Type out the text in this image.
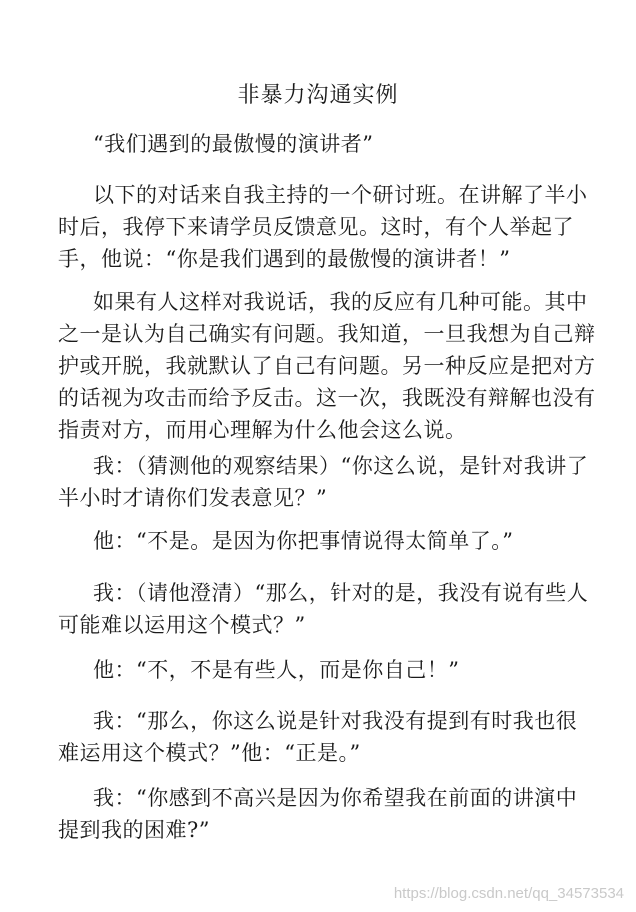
非暴力沟通实例

“我们遇到的最傲慢的演讲者”

以下的对话来自我主持的一个研讨班。在讲解了半小时后，我停下来请学员反馈意见。这时，有个人举起了手，他说：“你是我们遇到的最傲慢的演讲者！”

如果有人这样对我说话，我的反应有几种可能。其中之一是认为自己确实有问题。我知道，一旦我想为自己辩护或开脱，我就默认了自己有问题。另一种反应是把对方的话视为攻击而给予反击。这一次，我既没有辩解也没有指责对方，而用心理解为什么他会这么说。

我：（猜测他的观察结果）“你这么说，是针对我讲了半小时才请你们发表意见？”

他：“不是。是因为你把事情说得太简单了。”

我：（请他澄清）“那么，针对的是，我没有说有些人可能难以运用这个模式？”

他：“不，不是有些人，而是你自己！”

我：“那么，你这么说是针对我没有提到有时我也很难运用这个模式？”他：“正是。”

我：“你感到不高兴是因为你希望我在前面的讲演中提到我的困难?”

https://blog.csdn.net/qq_34573534
